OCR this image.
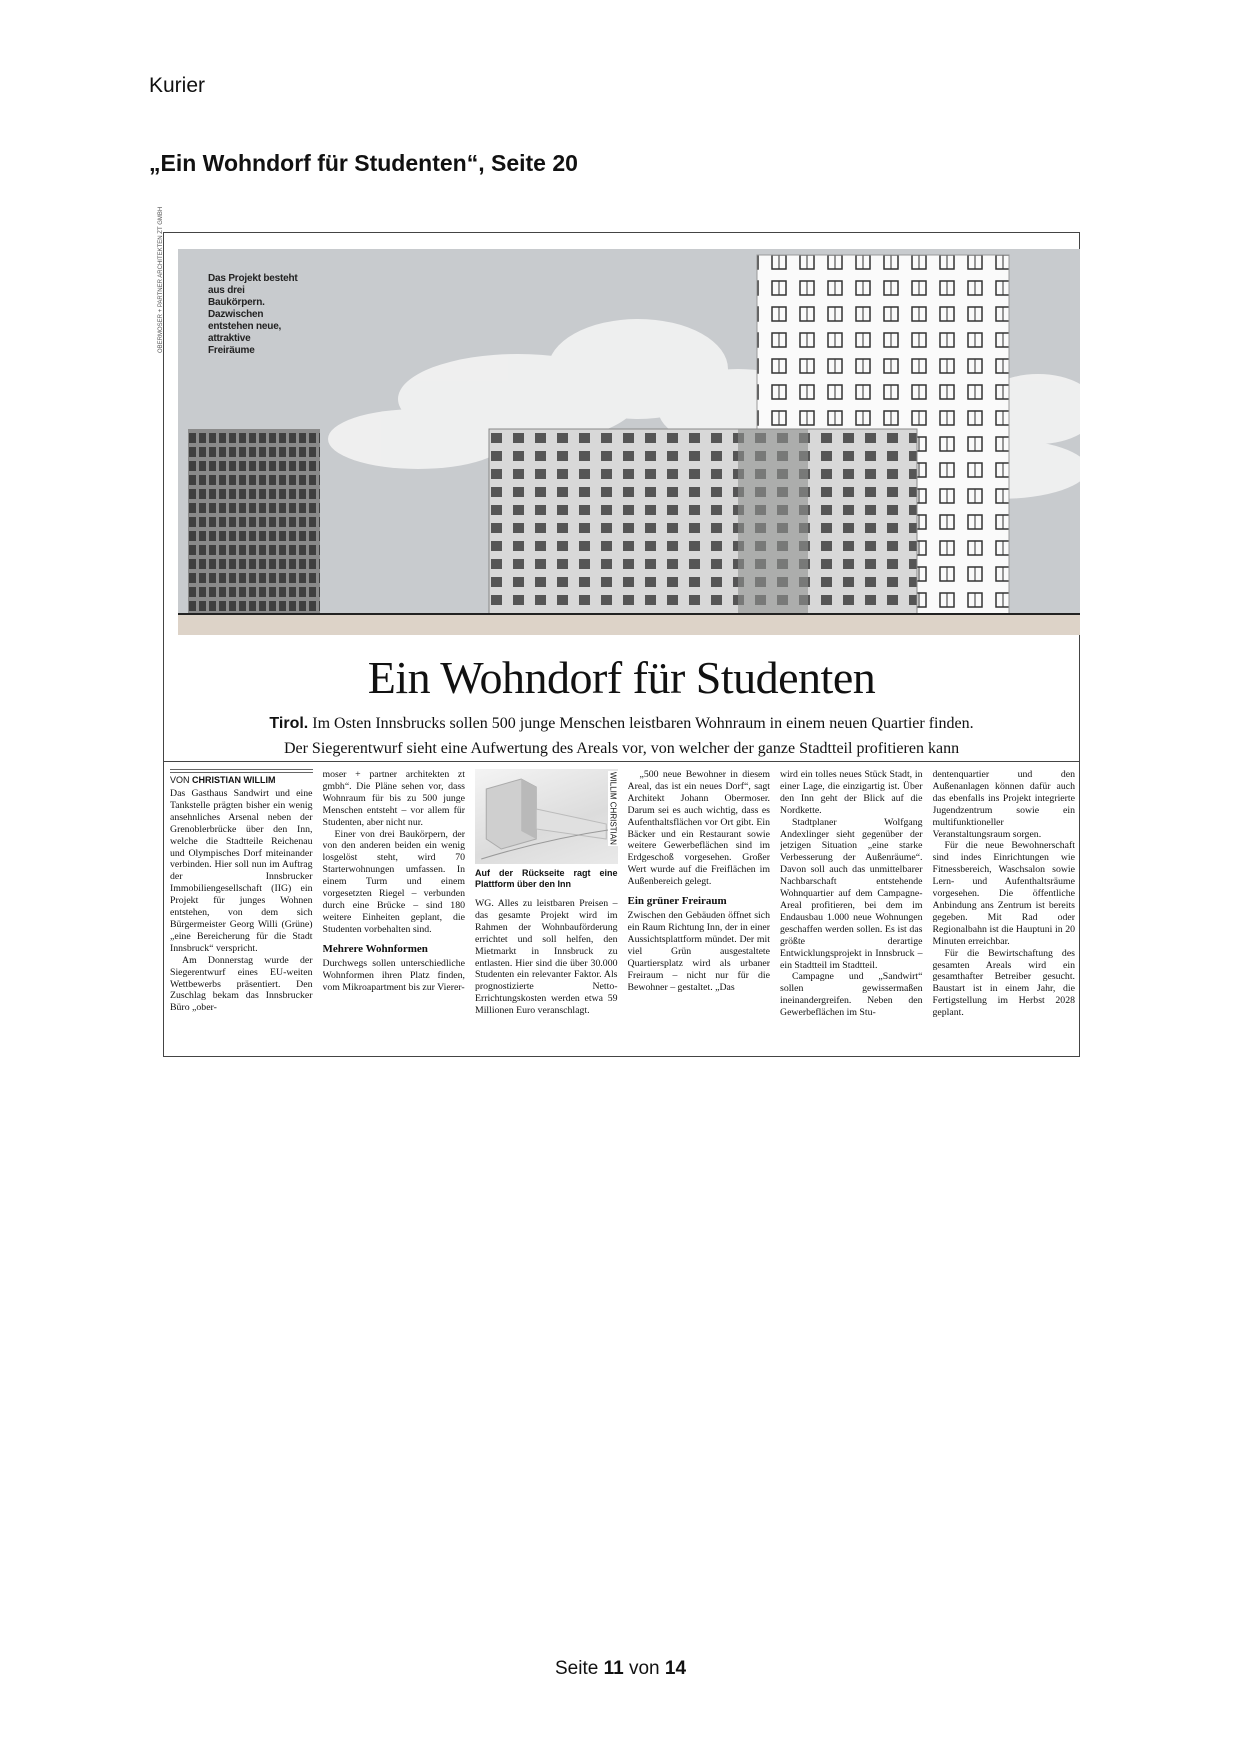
Kurier
„Ein Wohndorf für Studenten“, Seite 20
OBERMOSER + PARTNER ARCHITEKTEN ZT GMBH	Das Projekt besteht aus drei Baukörpern. Dazwischen entstehen neue, attraktive Freiräume
Ein Wohndorf für Studenten
Tirol. Im Osten Innsbrucks sollen 500 junge Menschen leistbaren Wohnraum in einem neuen Quartier finden.
Der Siegerentwurf sieht eine Aufwertung des Areals vor, von welcher der ganze Stadtteil profitieren kann
VON CHRISTIAN WILLIM

Das Gasthaus Sandwirt und eine Tankstelle prägten bisher ein wenig ansehnliches Arsenal neben der Grenoblerbrücke über den Inn, welche die Stadtteile Reichenau und Olympisches Dorf miteinander verbinden. Hier soll nun im Auftrag der Innsbrucker Immobiliengesellschaft (IIG) ein Projekt für junges Wohnen entstehen, von dem sich Bürgermeister Georg Willi (Grüne) „eine Bereicherung für die Stadt Innsbruck“ verspricht.

Am Donnerstag wurde der Siegerentwurf eines EU-weiten Wettbewerbs präsentiert. Den Zuschlag bekam das Innsbrucker Büro „ober-

moser + partner architekten zt gmbh“. Die Pläne sehen vor, dass Wohnraum für bis zu 500 junge Menschen entsteht – vor allem für Studenten, aber nicht nur.

Einer von drei Baukörpern, der von den anderen beiden ein wenig losgelöst steht, wird 70 Starterwohnungen umfassen. In einem Turm und einem vorgesetzten Riegel – verbunden durch eine Brücke – sind 180 weitere Einheiten geplant, die Studenten vorbehalten sind.

Mehrere Wohnformen

Durchwegs sollen unterschiedliche Wohnformen ihren Platz finden, vom Mikroapartment bis zur Vierer-

WILLIM CHRISTIAN
Auf der Rückseite ragt eine Plattform über den Inn

WG. Alles zu leistbaren Preisen – das gesamte Projekt wird im Rahmen der Wohnbauförderung errichtet und soll helfen, den Mietmarkt in Innsbruck zu entlasten. Hier sind die über 30.000 Studenten ein relevanter Faktor. Als prognostizierte Netto-Errichtungskosten werden etwa 59 Millionen Euro veranschlagt.

„500 neue Bewohner in diesem Areal, das ist ein neues Dorf“, sagt Architekt Johann Obermoser. Darum sei es auch wichtig, dass es Aufenthaltsflächen vor Ort gibt. Ein Bäcker und ein Restaurant sowie weitere Gewerbeflächen sind im Erdgeschoß vorgesehen. Großer Wert wurde auf die Freiflächen im Außenbereich gelegt.

Ein grüner Freiraum

Zwischen den Gebäuden öffnet sich ein Raum Richtung Inn, der in einer Aussichtsplattform mündet. Der mit viel Grün ausgestaltete Quartiersplatz wird als urbaner Freiraum – nicht nur für die Bewohner – gestaltet. „Das

wird ein tolles neues Stück Stadt, in einer Lage, die einzigartig ist. Über den Inn geht der Blick auf die Nordkette.

Stadtplaner Wolfgang Andexlinger sieht gegenüber der jetzigen Situation „eine starke Verbesserung der Außenräume“. Davon soll auch das unmittelbarer Nachbarschaft entstehende Wohnquartier auf dem Campagne-Areal profitieren, bei dem im Endausbau 1.000 neue Wohnungen geschaffen werden sollen. Es ist das größte derartige Entwicklungsprojekt in Innsbruck – ein Stadtteil im Stadtteil.

Campagne und „Sandwirt“ sollen gewissermaßen ineinandergreifen. Neben den Gewerbeflächen im Stu-

dentenquartier und den Außenanlagen können dafür auch das ebenfalls ins Projekt integrierte Jugendzentrum sowie ein multifunktioneller Veranstaltungsraum sorgen.

Für die neue Bewohnerschaft sind indes Einrichtungen wie Fitnessbereich, Waschsalon sowie Lern- und Aufenthaltsräume vorgesehen. Die öffentliche Anbindung ans Zentrum ist bereits gegeben. Mit Rad oder Regionalbahn ist die Hauptuni in 20 Minuten erreichbar.

Für die Bewirtschaftung des gesamten Areals wird ein gesamthafter Betreiber gesucht. Baustart ist in einem Jahr, die Fertigstellung im Herbst 2028 geplant.

Seite 11 von 14
